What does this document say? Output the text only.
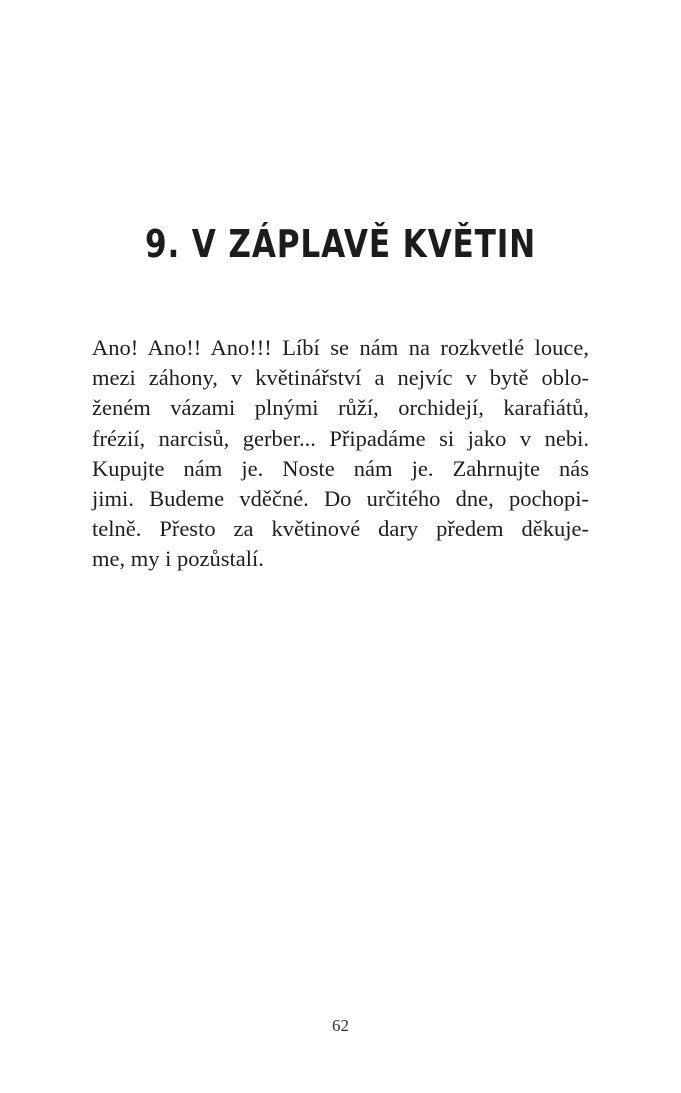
9. V ZÁPLAVĚ KVĚTIN
Ano! Ano!! Ano!!! Líbí se nám na rozkvetlé louce,
mezi záhony, v květinářství a nejvíc v bytě oblo-
ženém vázami plnými růží, orchidejí, karafiátů,
frézií, narcisů, gerber... Připadáme si jako v nebi.
Kupujte nám je. Noste nám je. Zahrnujte nás
jimi. Budeme vděčné. Do určitého dne, pochopi-
telně. Přesto za květinové dary předem děkuje-
me, my i pozůstalí.
62
